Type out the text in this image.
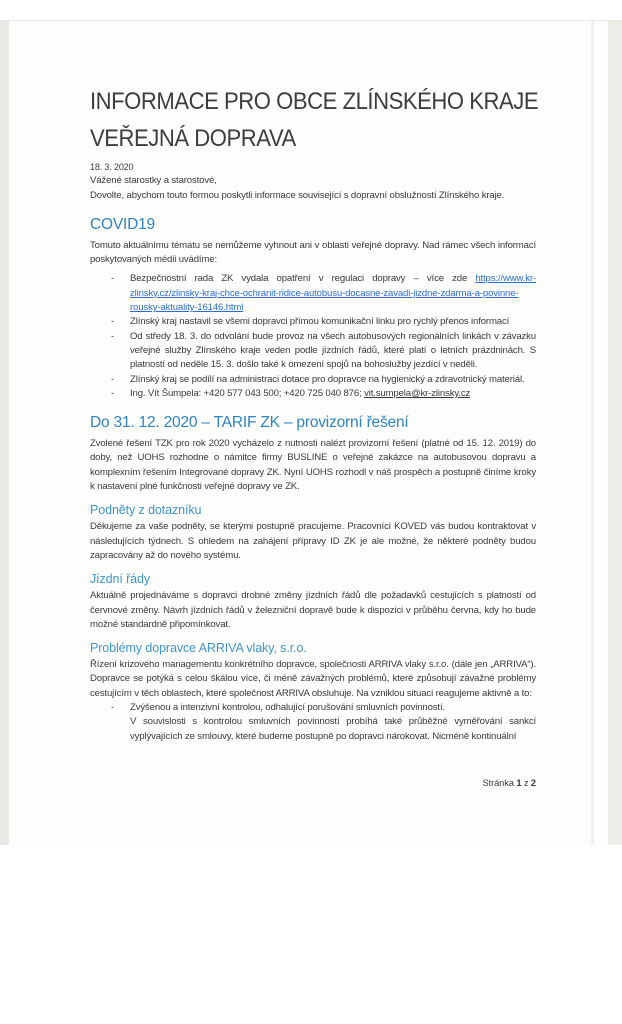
INFORMACE PRO OBCE ZLÍNSKÉHO KRAJE
VEŘEJNÁ DOPRAVA
18. 3. 2020

Vážené starostky a starostové,

Dovolte, abychom touto formou poskytli informace související s dopravní obslužností Zlínského kraje.

COVID19

Tomuto aktuálnímu tématu se nemůžeme vyhnout ani v oblasti veřejné dopravy. Nad rámec všech informací poskytovaných médii uvádíme:

-	Bezpečnostní rada ZK vydala opatření v regulaci dopravy – více zde https://www.kr-zlinsky.cz/zlinsky-kraj-chce-ochranit-ridice-autobusu-docasne-zavadi-jizdne-zdarma-a-povinne-rousky-aktuality-16146.html
-	Zlínský kraj nastavil se všemi dopravci přímou komunikační linku pro rychlý přenos informací
-	Od středy 18. 3. do odvolání bude provoz na všech autobusových regionálních linkách v závazku veřejné služby Zlínského kraje veden podle jízdních řádů, které platí o letních prázdninách. S platností od neděle 15. 3. došlo také k omezení spojů na bohoslužby jezdící v neděli.
-	Zlínský kraj se podílí na administraci dotace pro dopravce na hygienický a zdravotnický materiál.
-	Ing. Vít Šumpela: +420 577 043 500; +420 725 040 876; vit.sumpela@kr-zlinsky.cz
Do 31. 12. 2020 – TARIF ZK – provizorní řešení

Zvolené řešení TZK pro rok 2020 vycházelo z nutnosti nalézt provizorní řešení (platné od 15. 12. 2019) do doby, než UOHS rozhodne o námitce firmy BUSLINE o veřejné zakázce na autobusovou dopravu a komplexním řešením Integrované dopravy ZK. Nyní UOHS rozhodl v náš prospěch a postupně činíme kroky k nastavení plné funkčnosti veřejné dopravy ve ZK.

Podněty z dotazníku

Děkujeme za vaše podněty, se kterými postupně pracujeme. Pracovníci KOVED vás budou kontraktovat v následujících týdnech. S ohledem na zahájení přípravy ID ZK je ale možné, že některé podněty budou zapracovány až do nového systému.

Jízdní řády

Aktuálně projednáváme s dopravci drobné změny jízdních řádů dle požadavků cestujících s platností od červnové změny. Návrh jízdních řádů v železniční dopravě bude k dispozici v průběhu června, kdy ho bude možné standardně připomínkovat.

Problémy dopravce ARRIVA vlaky, s.r.o.

Řízení krizového managementu konkrétního dopravce, společnosti ARRIVA vlaky s.r.o. (dále jen „ARRIVA“). Dopravce se potýká s celou škálou více, či méně závažných problémů, které způsobují závažné problémy cestujícím v těch oblastech, které společnost ARRIVA obsluhuje. Na vzniklou situaci reagujeme aktivně a to:

-	Zvýšenou a intenzivní kontrolou, odhalující porušování smluvních povinností.

V souvislosti s kontrolou smluvních povinností probíhá také průběžné vyměřování sankcí vyplývajících ze smlouvy, které budeme postupně po dopravci nárokovat. Nicméně kontinuální

Stránka 1 z 2
